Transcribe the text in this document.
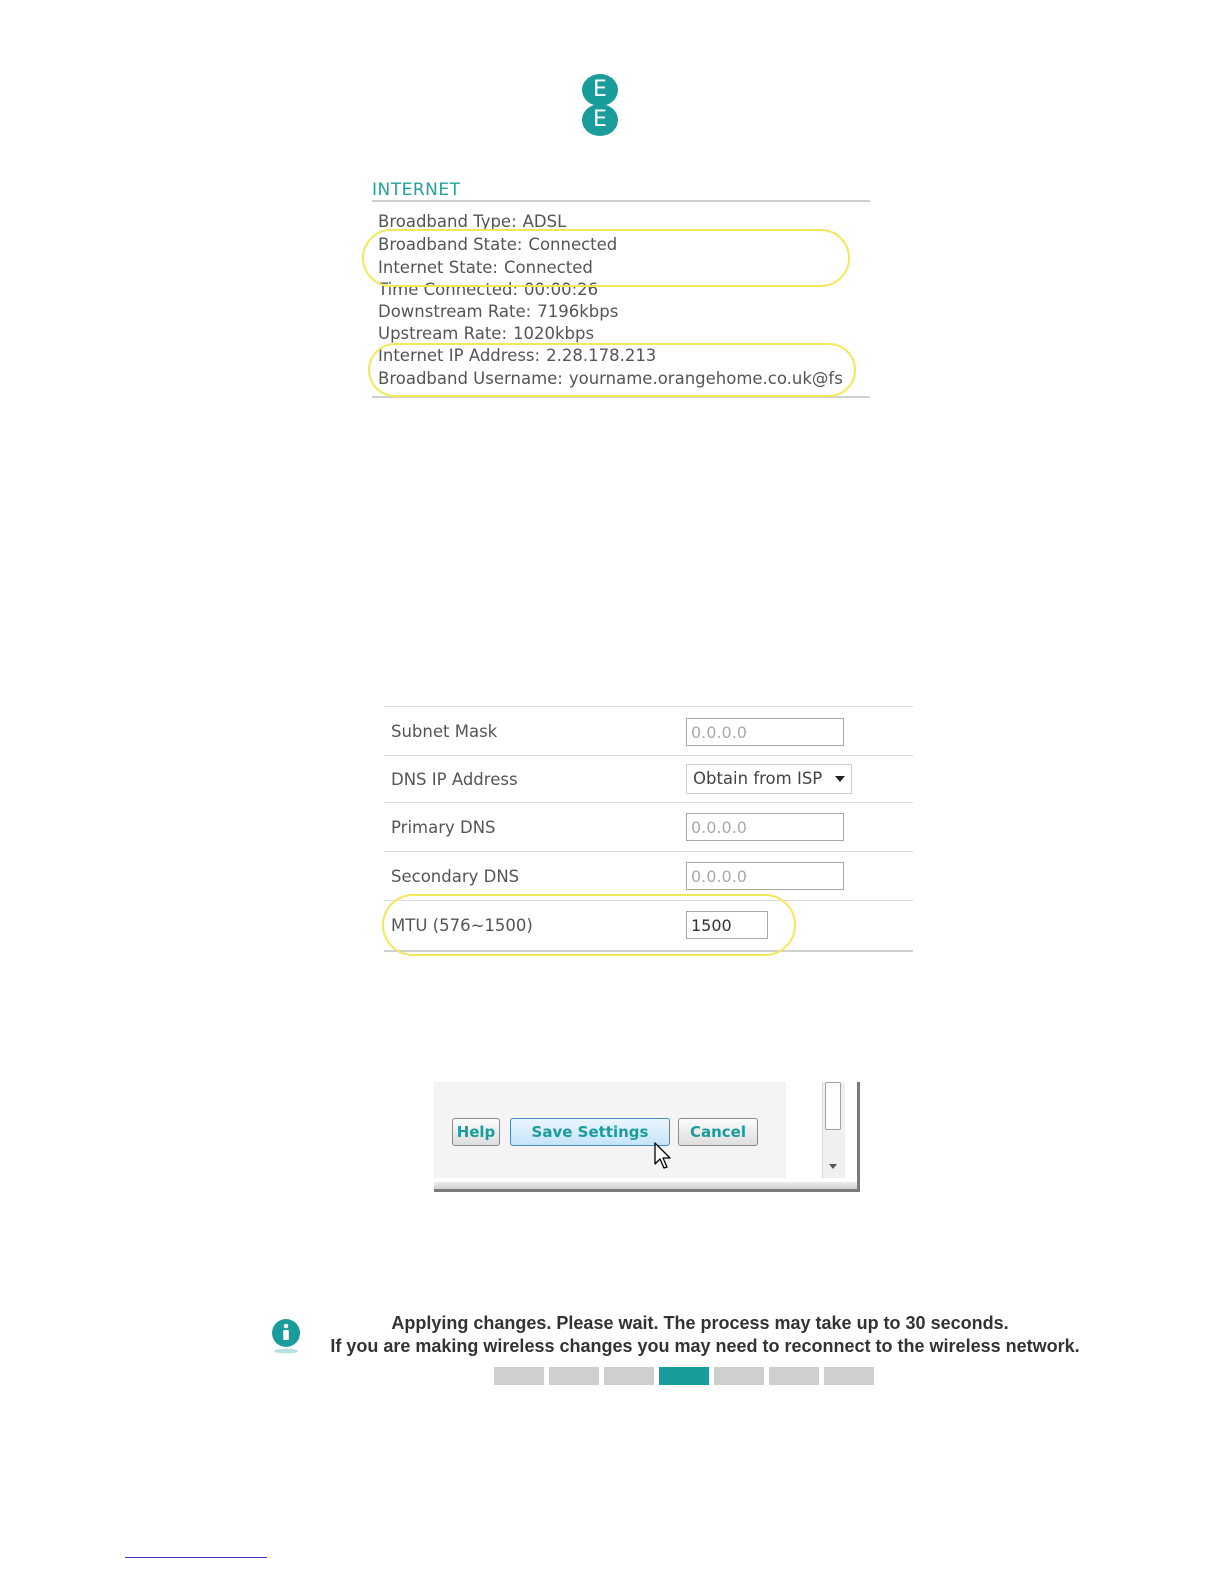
E
E
INTERNET
Broadband Type: ADSL
Broadband State: Connected
Internet State: Connected
Time Connected: 00:00:26
Downstream Rate: 7196kbps
Upstream Rate: 1020kbps
Internet IP Address: 2.28.178.213
Broadband Username: yourname.orangehome.co.uk@fs
Subnet Mask	0.0.0.0
DNS IP Address	Obtain from ISP
Primary DNS	0.0.0.0
Secondary DNS	0.0.0.0
MTU (576~1500)	1500
Help	Save Settings	Cancel
Applying changes. Please wait. The process may take up to 30 seconds.
If you are making wireless changes you may need to reconnect to the wireless network.
